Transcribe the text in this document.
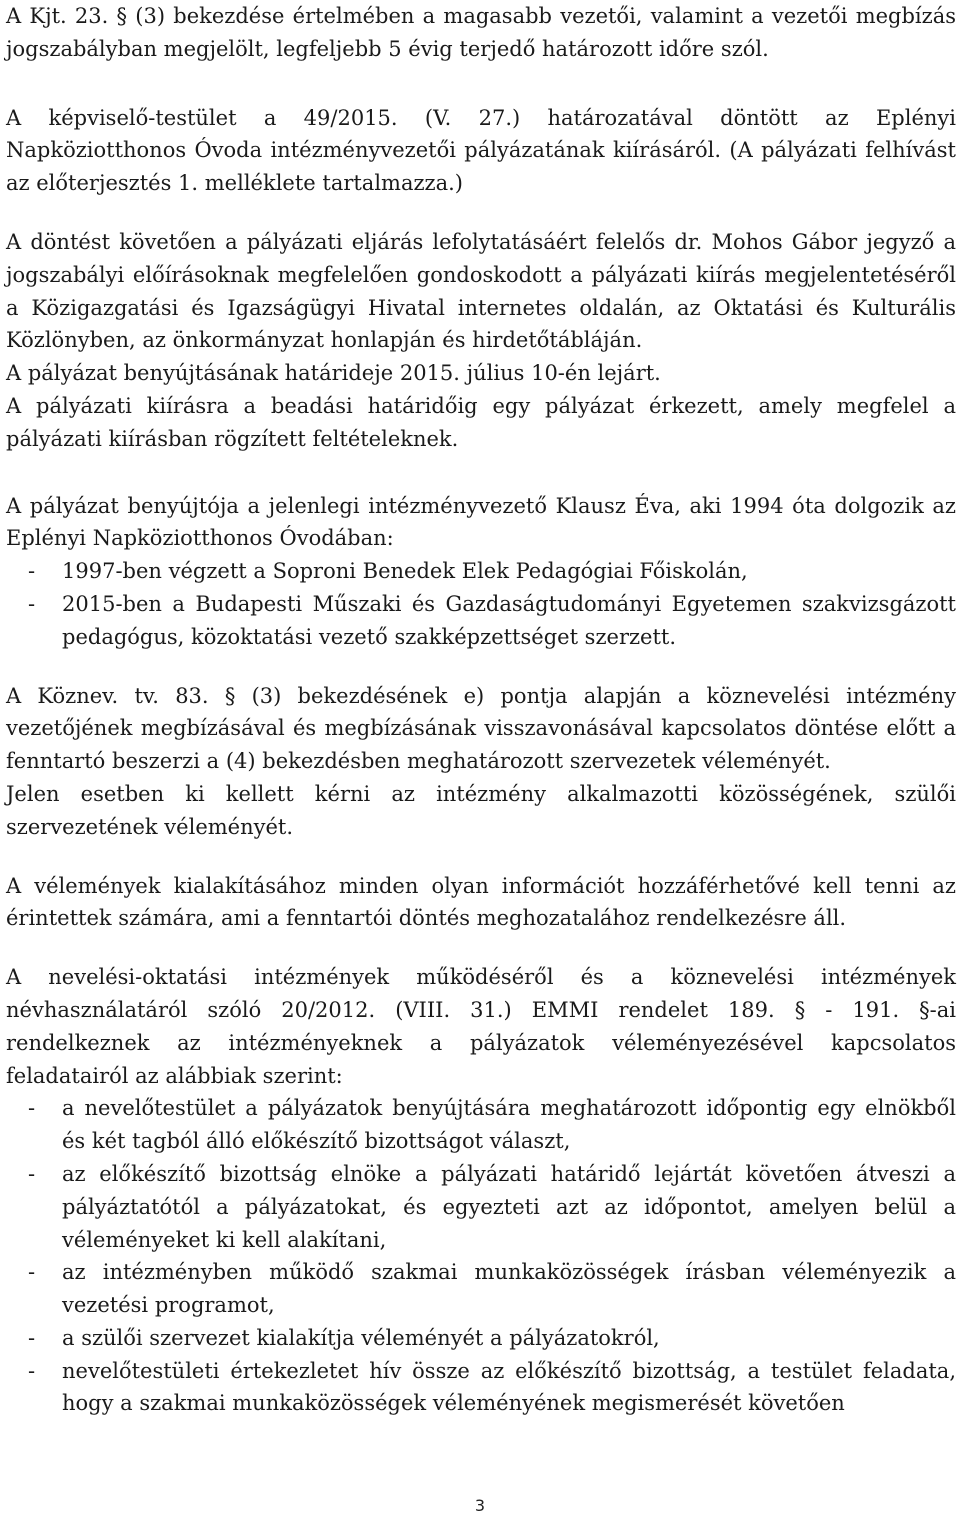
A Kjt. 23. § (3) bekezdése értelmében a magasabb vezetői, valamint a vezetői megbízás jogszabályban megjelölt, legfeljebb 5 évig terjedő határozott időre szól.

A képviselő-testület a 49/2015. (V. 27.) határozatával döntött az Eplényi Napköziotthonos Óvoda intézményvezetői pályázatának kiírásáról. (A pályázati felhívást az előterjesztés 1. melléklete tartalmazza.)

A döntést követően a pályázati eljárás lefolytatásáért felelős dr. Mohos Gábor jegyző a jogszabályi előírásoknak megfelelően gondoskodott a pályázati kiírás megjelentetéséről a Közigazgatási és Igazságügyi Hivatal internetes oldalán, az Oktatási és Kulturális Közlönyben, az önkormányzat honlapján és hirdetőtábláján.

A pályázat benyújtásának határideje 2015. július 10-én lejárt.

A pályázati kiírásra a beadási határidőig egy pályázat érkezett, amely megfelel a pályázati kiírásban rögzített feltételeknek.

A pályázat benyújtója a jelenlegi intézményvezető Klausz Éva, aki 1994 óta dolgozik az Eplényi Napköziotthonos Óvodában:

- 1997-ben végzett a Soproni Benedek Elek Pedagógiai Főiskolán,
- 2015-ben a Budapesti Műszaki és Gazdaságtudományi Egyetemen szakvizsgázott pedagógus, közoktatási vezető szakképzettséget szerzett.

A Köznev. tv. 83. § (3) bekezdésének e) pontja alapján a köznevelési intézmény vezetőjének megbízásával és megbízásának visszavonásával kapcsolatos döntése előtt a fenntartó beszerzi a (4) bekezdésben meghatározott szervezetek véleményét.

Jelen esetben ki kellett kérni az intézmény alkalmazotti közösségének, szülői szervezetének véleményét.

A vélemények kialakításához minden olyan információt hozzáférhetővé kell tenni az érintettek számára, ami a fenntartói döntés meghozatalához rendelkezésre áll.

A nevelési-oktatási intézmények működéséről és a köznevelési intézmények névhasználatáról szóló 20/2012. (VIII. 31.) EMMI rendelet 189. § - 191. §-ai rendelkeznek az intézményeknek a pályázatok véleményezésével kapcsolatos feladatairól az alábbiak szerint:

- a nevelőtestület a pályázatok benyújtására meghatározott időpontig egy elnökből és két tagból álló előkészítő bizottságot választ,
- az előkészítő bizottság elnöke a pályázati határidő lejártát követően átveszi a pályáztatótól a pályázatokat, és egyezteti azt az időpontot, amelyen belül a véleményeket ki kell alakítani,
- az intézményben működő szakmai munkaközösségek írásban véleményezik a vezetési programot,
- a szülői szervezet kialakítja véleményét a pályázatokról,
- nevelőtestületi értekezletet hív össze az előkészítő bizottság, a testület feladata, hogy a szakmai munkaközösségek véleményének megismerését követően
3
